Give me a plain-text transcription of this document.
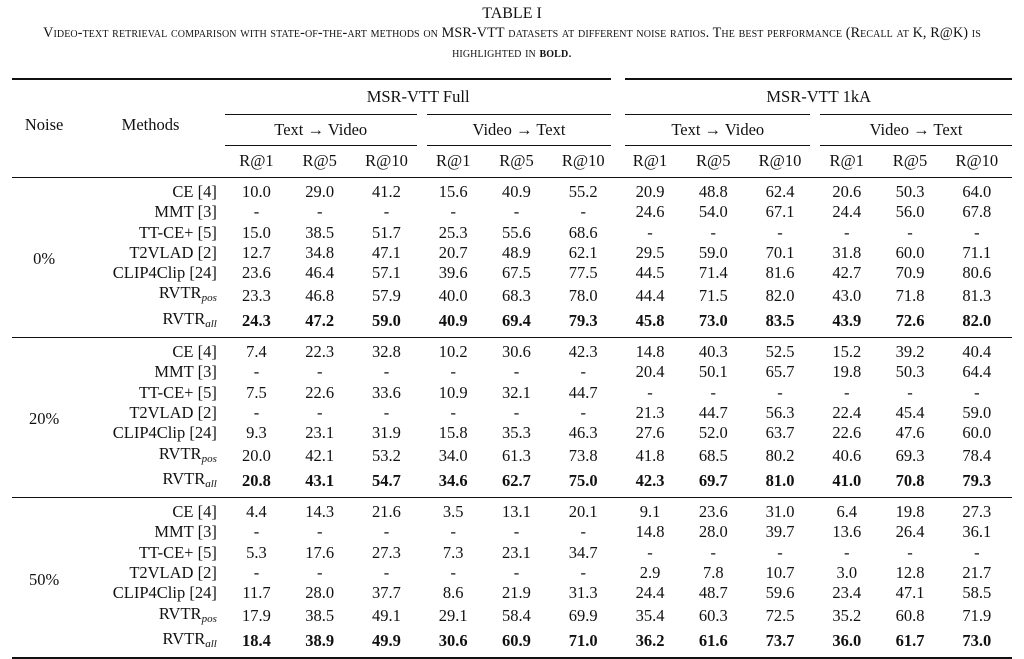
TABLE I
Video-text retrieval comparison with state-of-the-art methods on MSR-VTT datasets at different noise ratios. The best performance (Recall at K, R@K) is highlighted in bold.
Noise	Methods	MSR-VTT Full						MSR-VTT 1kA					
		Text → Video			Video → Text			Text → Video			Video → Text		
		R@1	R@5	R@10	R@1	R@5	R@10	R@1	R@5	R@10	R@1	R@5	R@10
0%	CE [4]	10.0	29.0	41.2	15.6	40.9	55.2	20.9	48.8	62.4	20.6	50.3	64.0
	MMT [3]	-	-	-	-	-	-	24.6	54.0	67.1	24.4	56.0	67.8
	TT-CE+ [5]	15.0	38.5	51.7	25.3	55.6	68.6	-	-	-	-	-	-
	T2VLAD [2]	12.7	34.8	47.1	20.7	48.9	62.1	29.5	59.0	70.1	31.8	60.0	71.1
	CLIP4Clip [24]	23.6	46.4	57.1	39.6	67.5	77.5	44.5	71.4	81.6	42.7	70.9	80.6
	$RVTR_{pos}$	23.3	46.8	57.9	40.0	68.3	78.0	44.4	71.5	82.0	43.0	71.8	81.3
	$RVTR_{all}$	24.3	47.2	59.0	40.9	69.4	79.3	45.8	73.0	83.5	43.9	72.6	82.0
20%	CE [4]	7.4	22.3	32.8	10.2	30.6	42.3	14.8	40.3	52.5	15.2	39.2	40.4
	MMT [3]	-	-	-	-	-	-	20.4	50.1	65.7	19.8	50.3	64.4
	TT-CE+ [5]	7.5	22.6	33.6	10.9	32.1	44.7	-	-	-	-	-	-
	T2VLAD [2]	-	-	-	-	-	-	21.3	44.7	56.3	22.4	45.4	59.0
	CLIP4Clip [24]	9.3	23.1	31.9	15.8	35.3	46.3	27.6	52.0	63.7	22.6	47.6	60.0
	$RVTR_{pos}$	20.0	42.1	53.2	34.0	61.3	73.8	41.8	68.5	80.2	40.6	69.3	78.4
	$RVTR_{all}$	20.8	43.1	54.7	34.6	62.7	75.0	42.3	69.7	81.0	41.0	70.8	79.3
50%	CE [4]	4.4	14.3	21.6	3.5	13.1	20.1	9.1	23.6	31.0	6.4	19.8	27.3
	MMT [3]	-	-	-	-	-	-	14.8	28.0	39.7	13.6	26.4	36.1
	TT-CE+ [5]	5.3	17.6	27.3	7.3	23.1	34.7	-	-	-	-	-	-
	T2VLAD [2]	-	-	-	-	-	-	2.9	7.8	10.7	3.0	12.8	21.7
	CLIP4Clip [24]	11.7	28.0	37.7	8.6	21.9	31.3	24.4	48.7	59.6	23.4	47.1	58.5
	$RVTR_{pos}$	17.9	38.5	49.1	29.1	58.4	69.9	35.4	60.3	72.5	35.2	60.8	71.9
	$RVTR_{all}$	18.4	38.9	49.9	30.6	60.9	71.0	36.2	61.6	73.7	36.0	61.7	73.0
